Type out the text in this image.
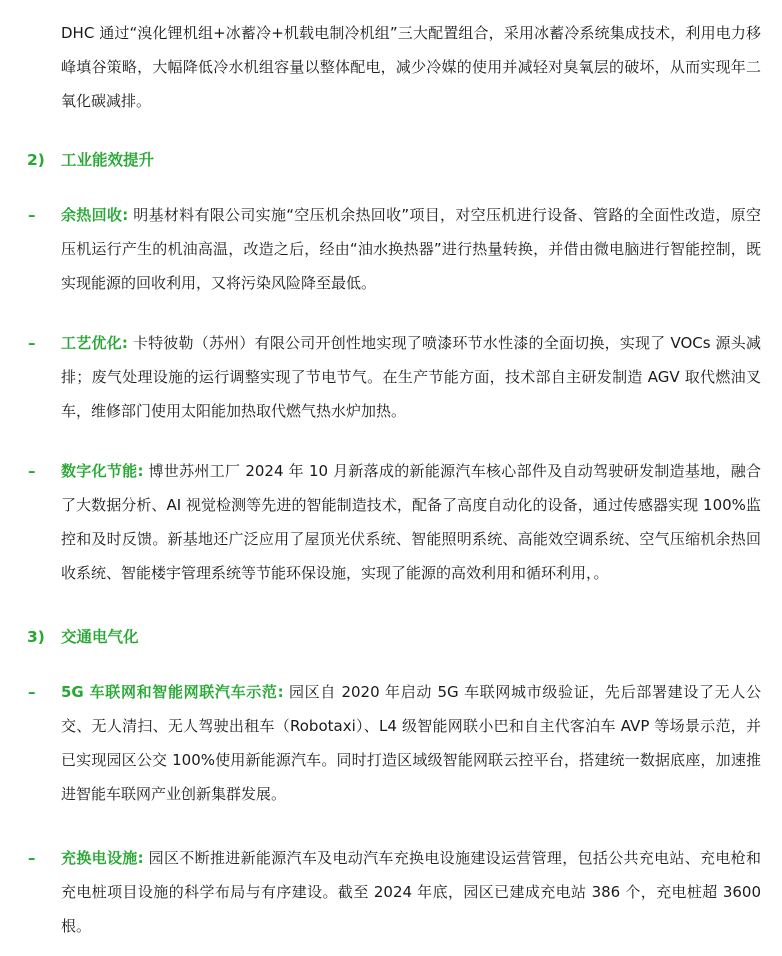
DHC 通过“溴化锂机组+冰蓄冷+机载电制冷机组”三大配置组合，采用冰蓄冷系统集成技术，利用电力移峰填谷策略，大幅降低冷水机组容量以整体配电，减少冷媒的使用并减轻对臭氧层的破坏，从而实现年二氧化碳减排。

2) 工业能效提升
– 余热回收: 明基材料有限公司实施“空压机余热回收”项目，对空压机进行设备、管路的全面性改造，原空压机运行产生的机油高温，改造之后，经由“油水换热器”进行热量转换，并借由微电脑进行智能控制，既实现能源的回收利用，又将污染风险降至最低。

– 工艺优化: 卡特彼勒（苏州）有限公司开创性地实现了喷漆环节水性漆的全面切换，实现了 VOCs 源头减排；废气处理设施的运行调整实现了节电节气。在生产节能方面，技术部自主研发制造 AGV 取代燃油叉车，维修部门使用太阳能加热取代燃气热水炉加热。

– 数字化节能: 博世苏州工厂 2024 年 10 月新落成的新能源汽车核心部件及自动驾驶研发制造基地，融合了大数据分析、AI 视觉检测等先进的智能制造技术，配备了高度自动化的设备，通过传感器实现 100%监控和及时反馈。新基地还广泛应用了屋顶光伏系统、智能照明系统、高能效空调系统、空气压缩机余热回收系统、智能楼宇管理系统等节能环保设施，实现了能源的高效利用和循环利用，。

3) 交通电气化
– 5G 车联网和智能网联汽车示范: 园区自 2020 年启动 5G 车联网城市级验证，先后部署建设了无人公交、无人清扫、无人驾驶出租车（Robotaxi）、L4 级智能网联小巴和自主代客泊车 AVP 等场景示范，并已实现园区公交 100%使用新能源汽车。同时打造区域级智能网联云控平台，搭建统一数据底座，加速推进智能车联网产业创新集群发展。

– 充换电设施: 园区不断推进新能源汽车及电动汽车充换电设施建设运营管理，包括公共充电站、充电枪和充电桩项目设施的科学布局与有序建设。截至 2024 年底，园区已建成充电站 386 个，充电桩超 3600 根。
